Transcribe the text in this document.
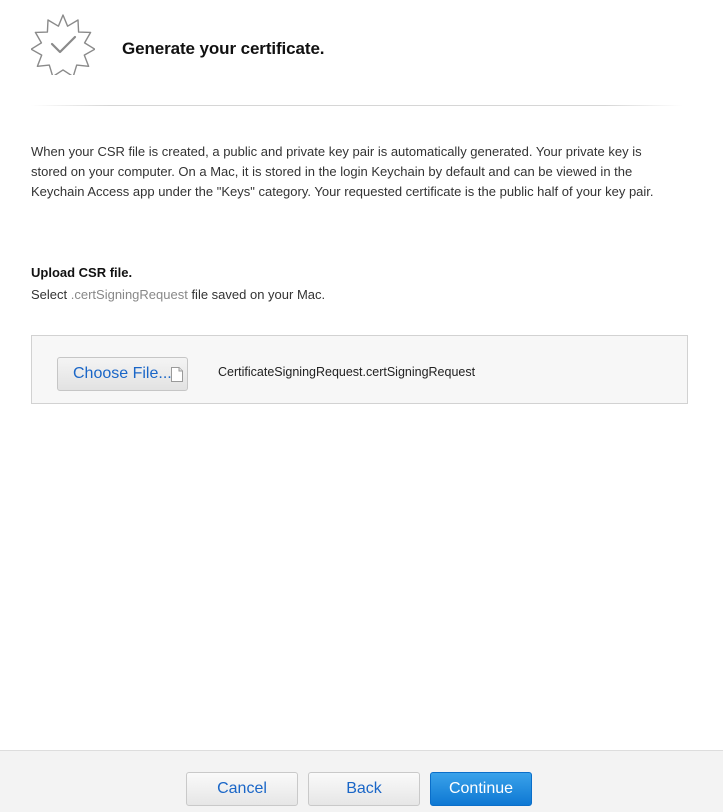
Generate your certificate.
When your CSR file is created, a public and private key pair is automatically generated. Your private key is stored on your computer. On a Mac, it is stored in the login Keychain by default and can be viewed in the Keychain Access app under the "Keys" category. Your requested certificate is the public half of your key pair.
Upload CSR file.
Select .certSigningRequest file saved on your Mac.
Choose File...	CertificateSigningRequest.certSigningRequest
Cancel	Back	Continue
